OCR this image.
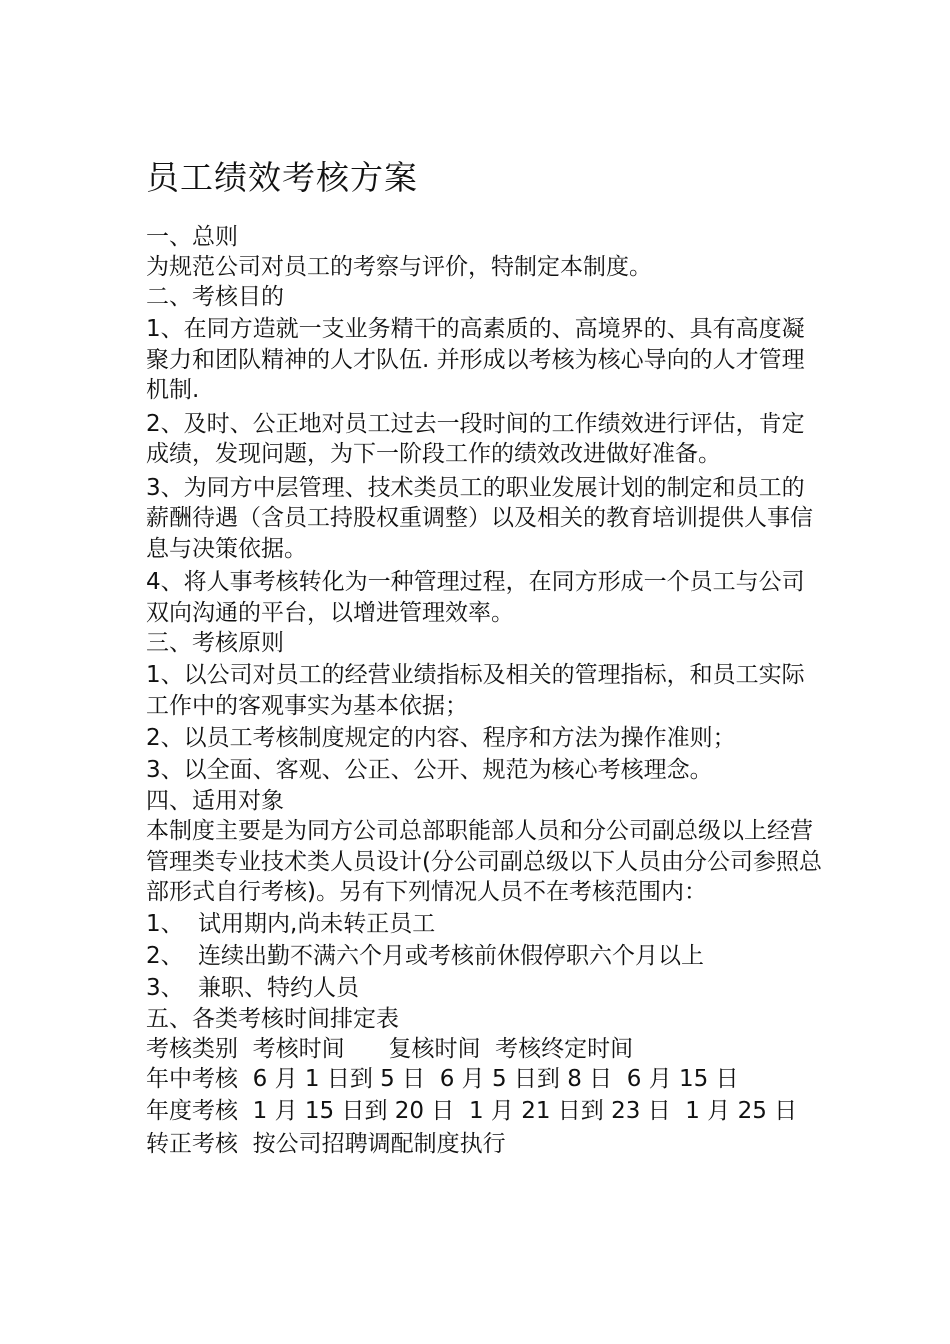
员工绩效考核方案

一、总则

为规范公司对员工的考察与评价，特制定本制度。

二、考核目的

1、在同方造就一支业务精干的高素质的、高境界的、具有高度凝聚力和团队精神的人才队伍. 并形成以考核为核心导向的人才管理机制.

2、及时、公正地对员工过去一段时间的工作绩效进行评估，肯定成绩，发现问题，为下一阶段工作的绩效改进做好准备。

3、为同方中层管理、技术类员工的职业发展计划的制定和员工的薪酬待遇（含员工持股权重调整）以及相关的教育培训提供人事信息与决策依据。

4、将人事考核转化为一种管理过程，在同方形成一个员工与公司双向沟通的平台，以增进管理效率。

三、考核原则

1、以公司对员工的经营业绩指标及相关的管理指标，和员工实际工作中的客观事实为基本依据；

2、以员工考核制度规定的内容、程序和方法为操作准则；

3、以全面、客观、公正、公开、规范为核心考核理念。

四、适用对象

本制度主要是为同方公司总部职能部人员和分公司副总级以上经营管理类专业技术类人员设计(分公司副总级以下人员由分公司参照总部形式自行考核)。另有下列情况人员不在考核范围内：

1、 试用期内,尚未转正员工

2、 连续出勤不满六个月或考核前休假停职六个月以上

3、 兼职、特约人员

五、各类考核时间排定表

考核类别  考核时间      复核时间  考核终定时间

年中考核  6 月 1 日到 5 日  6 月 5 日到 8 日  6 月 15 日

年度考核  1 月 15 日到 20 日  1 月 21 日到 23 日  1 月 25 日

转正考核  按公司招聘调配制度执行
